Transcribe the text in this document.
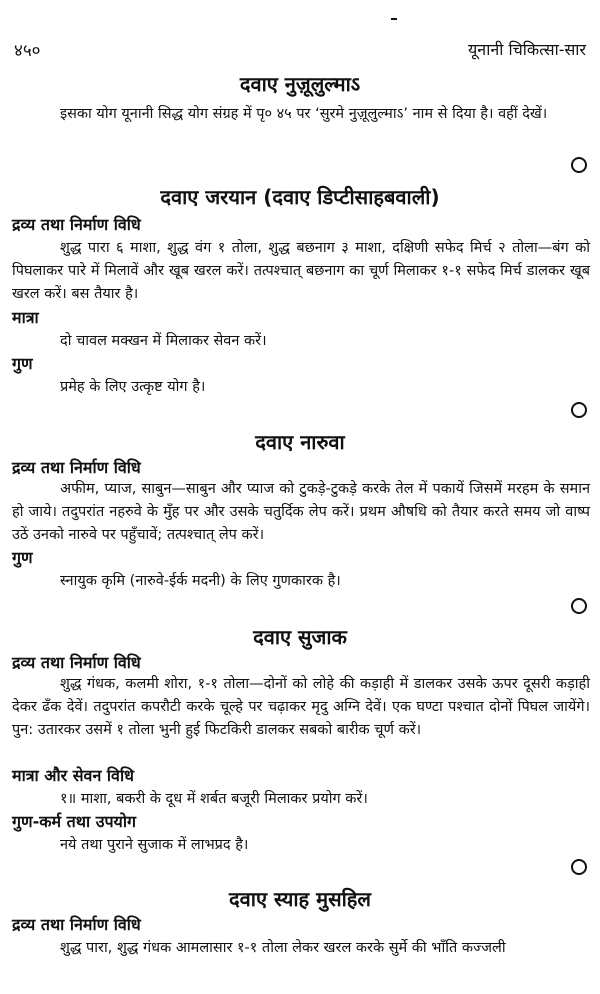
४५०	यूनानी चिकित्सा-सार
दवाए नुज़ूलुल्माऽ
इसका योग यूनानी सिद्ध योग संग्रह में पृ० ४५ पर ‘सुरमे नुज़ूलुल्माऽ’ नाम से दिया है। वहीं देखें।
दवाए जरयान (दवाए डिप्टीसाहबवाली)
द्रव्य तथा निर्माण विधि
शुद्ध पारा ६ माशा, शुद्ध वंग १ तोला, शुद्ध बछनाग ३ माशा, दक्षिणी सफेद मिर्च २ तोला—बंग को पिघलाकर पारे में मिलावें और खूब खरल करें। तत्पश्चात् बछनाग का चूर्ण मिलाकर १-१ सफेद मिर्च डालकर खूब खरल करें। बस तैयार है।
मात्रा
दो चावल मक्खन में मिलाकर सेवन करें।
गुण
प्रमेह के लिए उत्कृष्ट योग है।
दवाए नारुवा
द्रव्य तथा निर्माण विधि
अफीम, प्याज, साबुन—साबुन और प्याज को टुकड़े-टुकड़े करके तेल में पकायें जिसमें मरहम के समान हो जाये। तदुपरांत नहरुवे के मुँह पर और उसके चतुर्दिक लेप करें। प्रथम औषधि को तैयार करते समय जो वाष्प उठें उनको नारुवे पर पहुँचावें; तत्पश्चात् लेप करें।
गुण
स्नायुक कृमि (नारुवे-ईर्क मदनी) के लिए गुणकारक है।
दवाए सुजाक
द्रव्य तथा निर्माण विधि
शुद्ध गंधक, कलमी शोरा, १-१ तोला—दोनों को लोहे की कड़ाही में डालकर उसके ऊपर दूसरी कड़ाही देकर ढँक देवें। तदुपरांत कपरौटी करके चूल्हे पर चढ़ाकर मृदु अग्नि देवें। एक घण्टा पश्चात दोनों पिघल जायेंगे। पुन: उतारकर उसमें १ तोला भुनी हुई फिटकिरी डालकर सबको बारीक चूर्ण करें।
मात्रा और सेवन विधि
१॥ माशा, बकरी के दूध में शर्बत बजूरी मिलाकर प्रयोग करें।
गुण-कर्म तथा उपयोग
नये तथा पुराने सुजाक में लाभप्रद है।
दवाए स्याह मुसहिल
द्रव्य तथा निर्माण विधि
शुद्ध पारा, शुद्ध गंधक आमलासार १-१ तोला लेकर खरल करके सुर्मे की भाँति कज्जली
